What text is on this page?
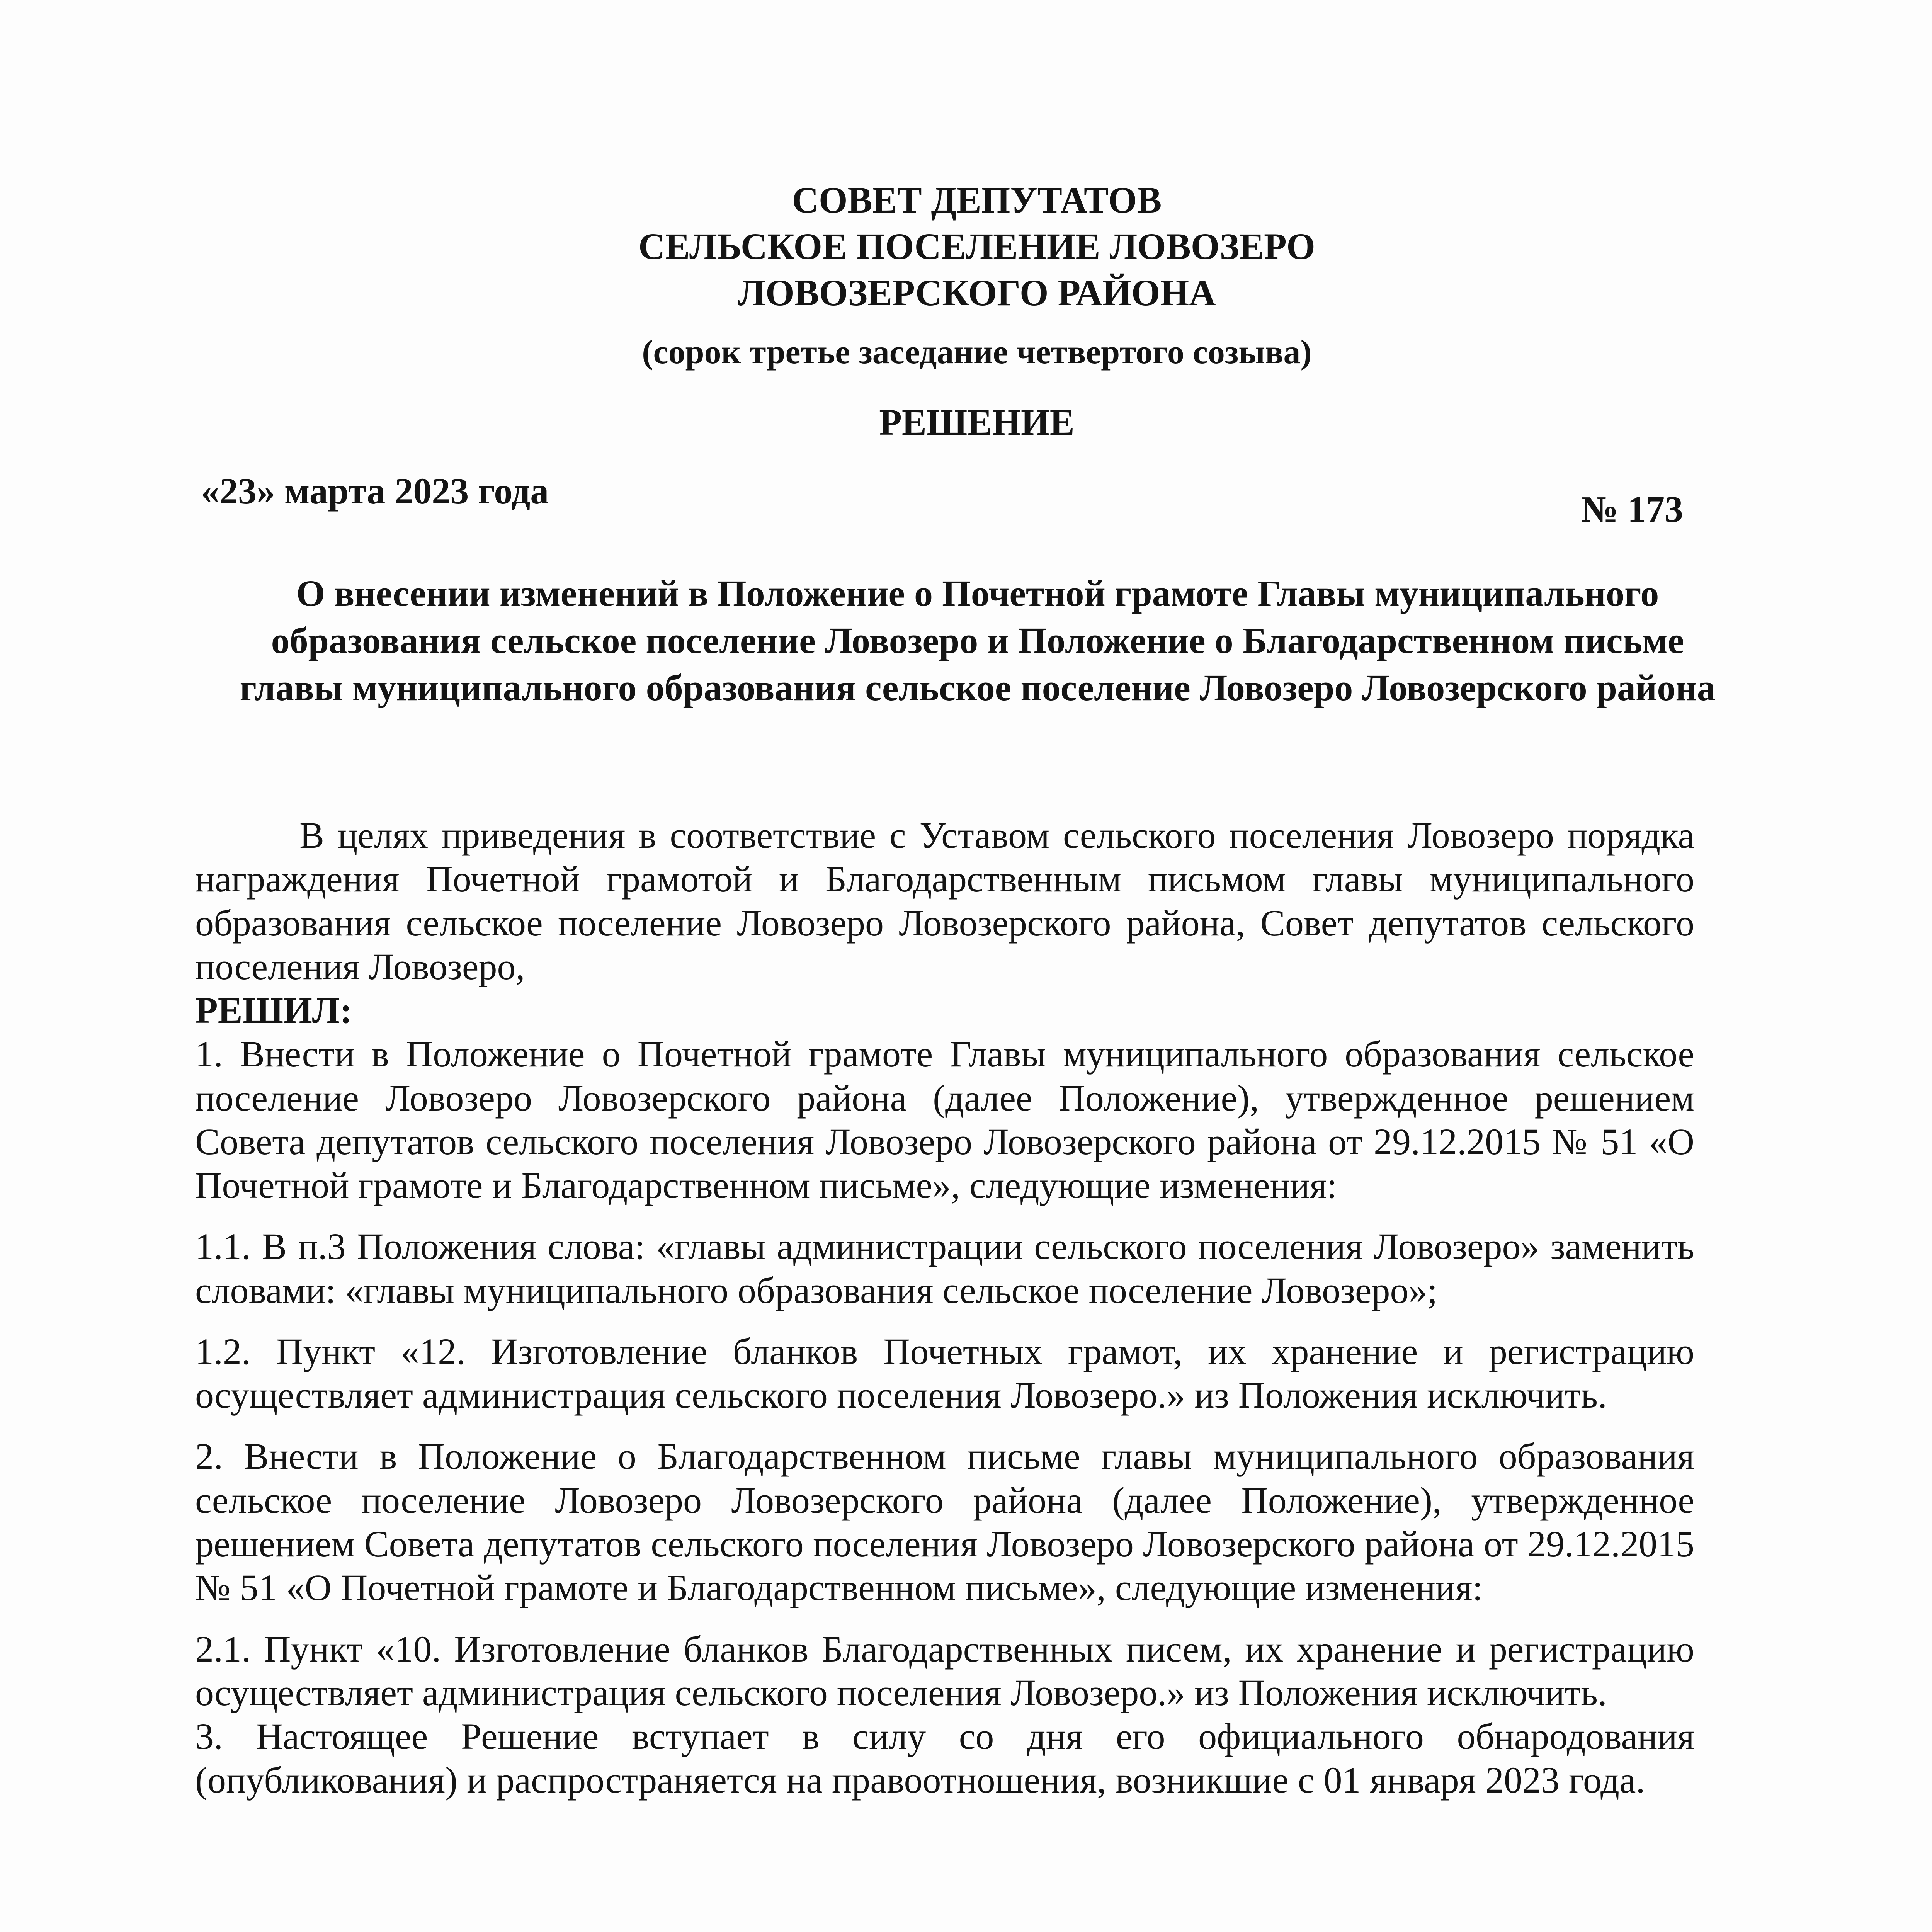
СОВЕТ ДЕПУТАТОВ
СЕЛЬСКОЕ ПОСЕЛЕНИЕ ЛОВОЗЕРО
ЛОВОЗЕРСКОГО РАЙОНА
(сорок третье заседание четвертого созыва)
РЕШЕНИЕ
«23» марта 2023 года	№ 173
О внесении изменений в Положение о Почетной грамоте Главы муниципального образования сельское поселение Ловозеро и Положение о Благодарственном письме главы муниципального образования сельское поселение Ловозеро Ловозерского района

В целях приведения в соответствие с Уставом сельского поселения Ловозеро порядка награждения Почетной грамотой и Благодарственным письмом главы муниципального образования сельское поселение Ловозеро Ловозерского района, Совет депутатов сельского поселения Ловозеро,

РЕШИЛ:

1. Внести в Положение о Почетной грамоте Главы муниципального образования сельское поселение Ловозеро Ловозерского района (далее Положение), утвержденное решением Совета депутатов сельского поселения Ловозеро Ловозерского района от 29.12.2015 № 51 «О Почетной грамоте и Благодарственном письме», следующие изменения:

1.1. В п.3 Положения слова: «главы администрации сельского поселения Ловозеро» заменить словами: «главы муниципального образования сельское поселение Ловозеро»;

1.2. Пункт «12. Изготовление бланков Почетных грамот, их хранение и регистрацию осуществляет администрация сельского поселения Ловозеро.» из Положения исключить.

2. Внести в Положение о Благодарственном письме главы муниципального образования сельское поселение Ловозеро Ловозерского района (далее Положение), утвержденное решением Совета депутатов сельского поселения Ловозеро Ловозерского района от 29.12.2015 № 51 «О Почетной грамоте и Благодарственном письме», следующие изменения:

2.1. Пункт «10. Изготовление бланков Благодарственных писем, их хранение и регистрацию осуществляет администрация сельского поселения Ловозеро.» из Положения исключить.

3. Настоящее Решение вступает в силу со дня его официального обнародования (опубликования) и распространяется на правоотношения, возникшие с 01 января 2023 года.
